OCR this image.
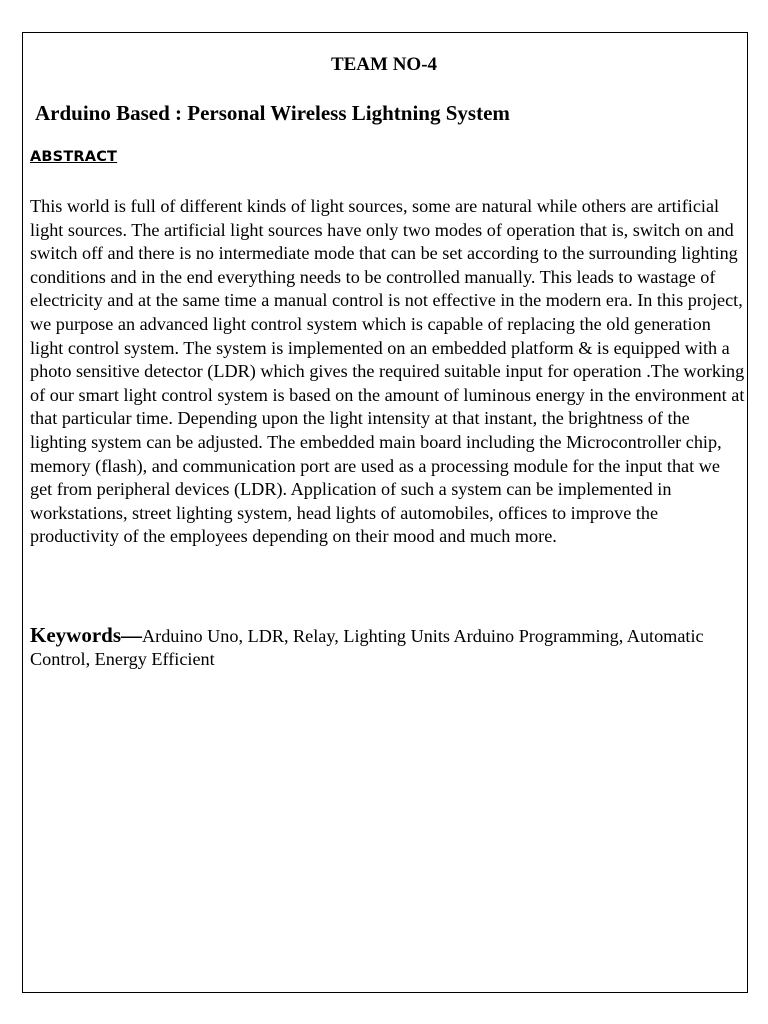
TEAM NO-4

Arduino Based : Personal Wireless Lightning System
ABSTRACT

This world is full of different kinds of light sources, some are natural while others are artificial light sources. The artificial light sources have only two modes of operation that is, switch on and switch off and there is no intermediate mode that can be set according to the surrounding lighting conditions and in the end everything needs to be controlled manually. This leads to wastage of electricity and at the same time a manual control is not effective in the modern era. In this project, we purpose an advanced light control system which is capable of replacing the old generation light control system. The system is implemented on an embedded platform & is equipped with a photo sensitive detector (LDR) which gives the required suitable input for operation .The working of our smart light control system is based on the amount of luminous energy in the environment at that particular time. Depending upon the light intensity at that instant, the brightness of the lighting system can be adjusted. The embedded main board including the Microcontroller chip, memory (flash), and communication port are used as a processing module for the input that we get from peripheral devices (LDR). Application of such a system can be implemented in workstations, street lighting system, head lights of automobiles, offices to improve the productivity of the employees depending on their mood and much more.

Keywords—Arduino Uno, LDR, Relay, Lighting Units Arduino Programming, Automatic Control, Energy Efficient
